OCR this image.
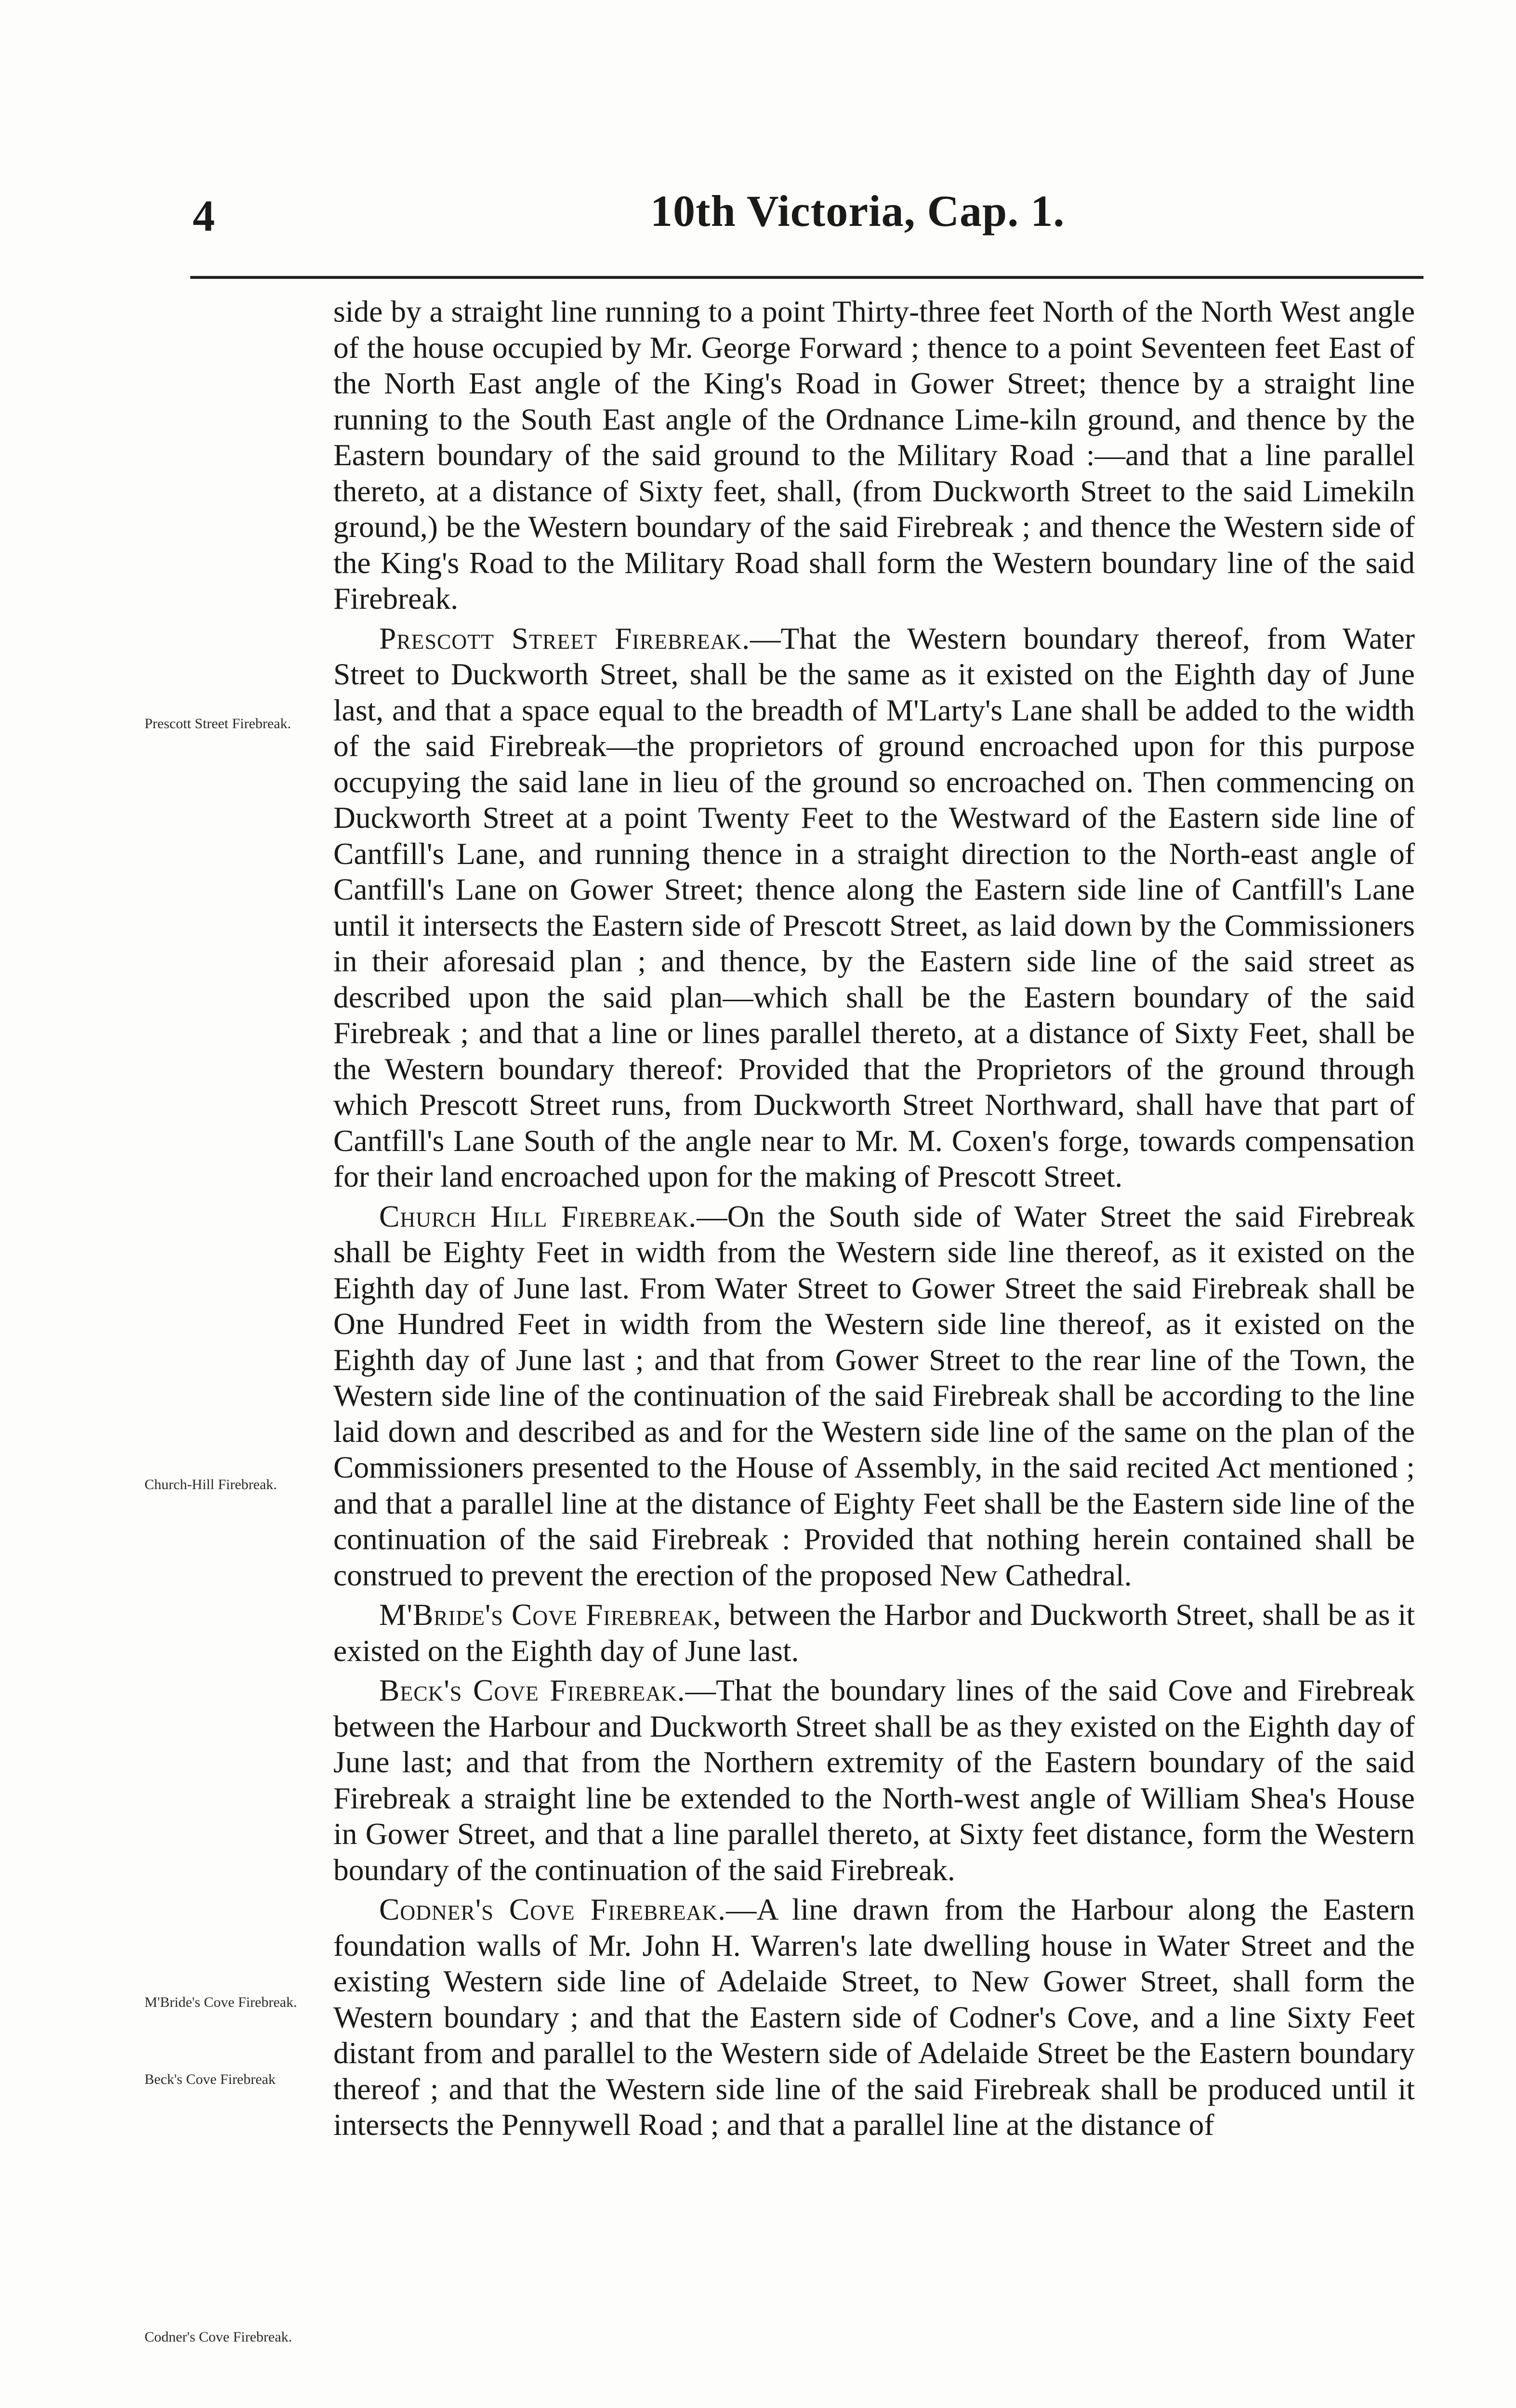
4	10th Victoria, Cap. 1.
Prescott Street Firebreak.
Church-Hill Firebreak.
M'Bride's Cove Firebreak.
Beck's Cove Firebreak
Codner's Cove Firebreak.

side by a straight line running to a point Thirty-three feet North of the North West angle of the house occupied by Mr. George Forward ; thence to a point Seventeen feet East of the North East angle of the King's Road in Gower Street; thence by a straight line running to the South East angle of the Ordnance Lime-kiln ground, and thence by the Eastern boundary of the said ground to the Military Road :—and that a line parallel thereto, at a distance of Sixty feet, shall, (from Duckworth Street to the said Limekiln ground,) be the Western boundary of the said Firebreak ; and thence the Western side of the King's Road to the Military Road shall form the Western boundary line of the said Firebreak.

Prescott Street Firebreak.—That the Western boundary thereof, from Water Street to Duckworth Street, shall be the same as it existed on the Eighth day of June last, and that a space equal to the breadth of M'Larty's Lane shall be added to the width of the said Firebreak—the proprietors of ground encroached upon for this purpose occupying the said lane in lieu of the ground so encroached on. Then commencing on Duckworth Street at a point Twenty Feet to the Westward of the Eastern side line of Cantfill's Lane, and running thence in a straight direction to the North-east angle of Cantfill's Lane on Gower Street; thence along the Eastern side line of Cantfill's Lane until it intersects the Eastern side of Prescott Street, as laid down by the Commissioners in their aforesaid plan ; and thence, by the Eastern side line of the said street as described upon the said plan—which shall be the Eastern boundary of the said Firebreak ; and that a line or lines parallel thereto, at a distance of Sixty Feet, shall be the Western boundary thereof: Provided that the Proprietors of the ground through which Prescott Street runs, from Duckworth Street Northward, shall have that part of Cantfill's Lane South of the angle near to Mr. M. Coxen's forge, towards compensation for their land encroached upon for the making of Prescott Street.

Church Hill Firebreak.—On the South side of Water Street the said Firebreak shall be Eighty Feet in width from the Western side line thereof, as it existed on the Eighth day of June last. From Water Street to Gower Street the said Firebreak shall be One Hundred Feet in width from the Western side line thereof, as it existed on the Eighth day of June last ; and that from Gower Street to the rear line of the Town, the Western side line of the continuation of the said Firebreak shall be according to the line laid down and described as and for the Western side line of the same on the plan of the Commissioners presented to the House of Assembly, in the said recited Act mentioned ; and that a parallel line at the distance of Eighty Feet shall be the Eastern side line of the continuation of the said Firebreak : Provided that nothing herein contained shall be construed to prevent the erection of the proposed New Cathedral.

M'Bride's Cove Firebreak, between the Harbor and Duckworth Street, shall be as it existed on the Eighth day of June last.

Beck's Cove Firebreak.—That the boundary lines of the said Cove and Firebreak between the Harbour and Duckworth Street shall be as they existed on the Eighth day of June last; and that from the Northern extremity of the Eastern boundary of the said Firebreak a straight line be extended to the North-west angle of William Shea's House in Gower Street, and that a line parallel thereto, at Sixty feet distance, form the Western boundary of the continuation of the said Firebreak.

Codner's Cove Firebreak.—A line drawn from the Harbour along the Eastern foundation walls of Mr. John H. Warren's late dwelling house in Water Street and the existing Western side line of Adelaide Street, to New Gower Street, shall form the Western boundary ; and that the Eastern side of Codner's Cove, and a line Sixty Feet distant from and parallel to the Western side of Adelaide Street be the Eastern boundary thereof ; and that the Western side line of the said Firebreak shall be produced until it intersects the Pennywell Road ; and that a parallel line at the distance of
